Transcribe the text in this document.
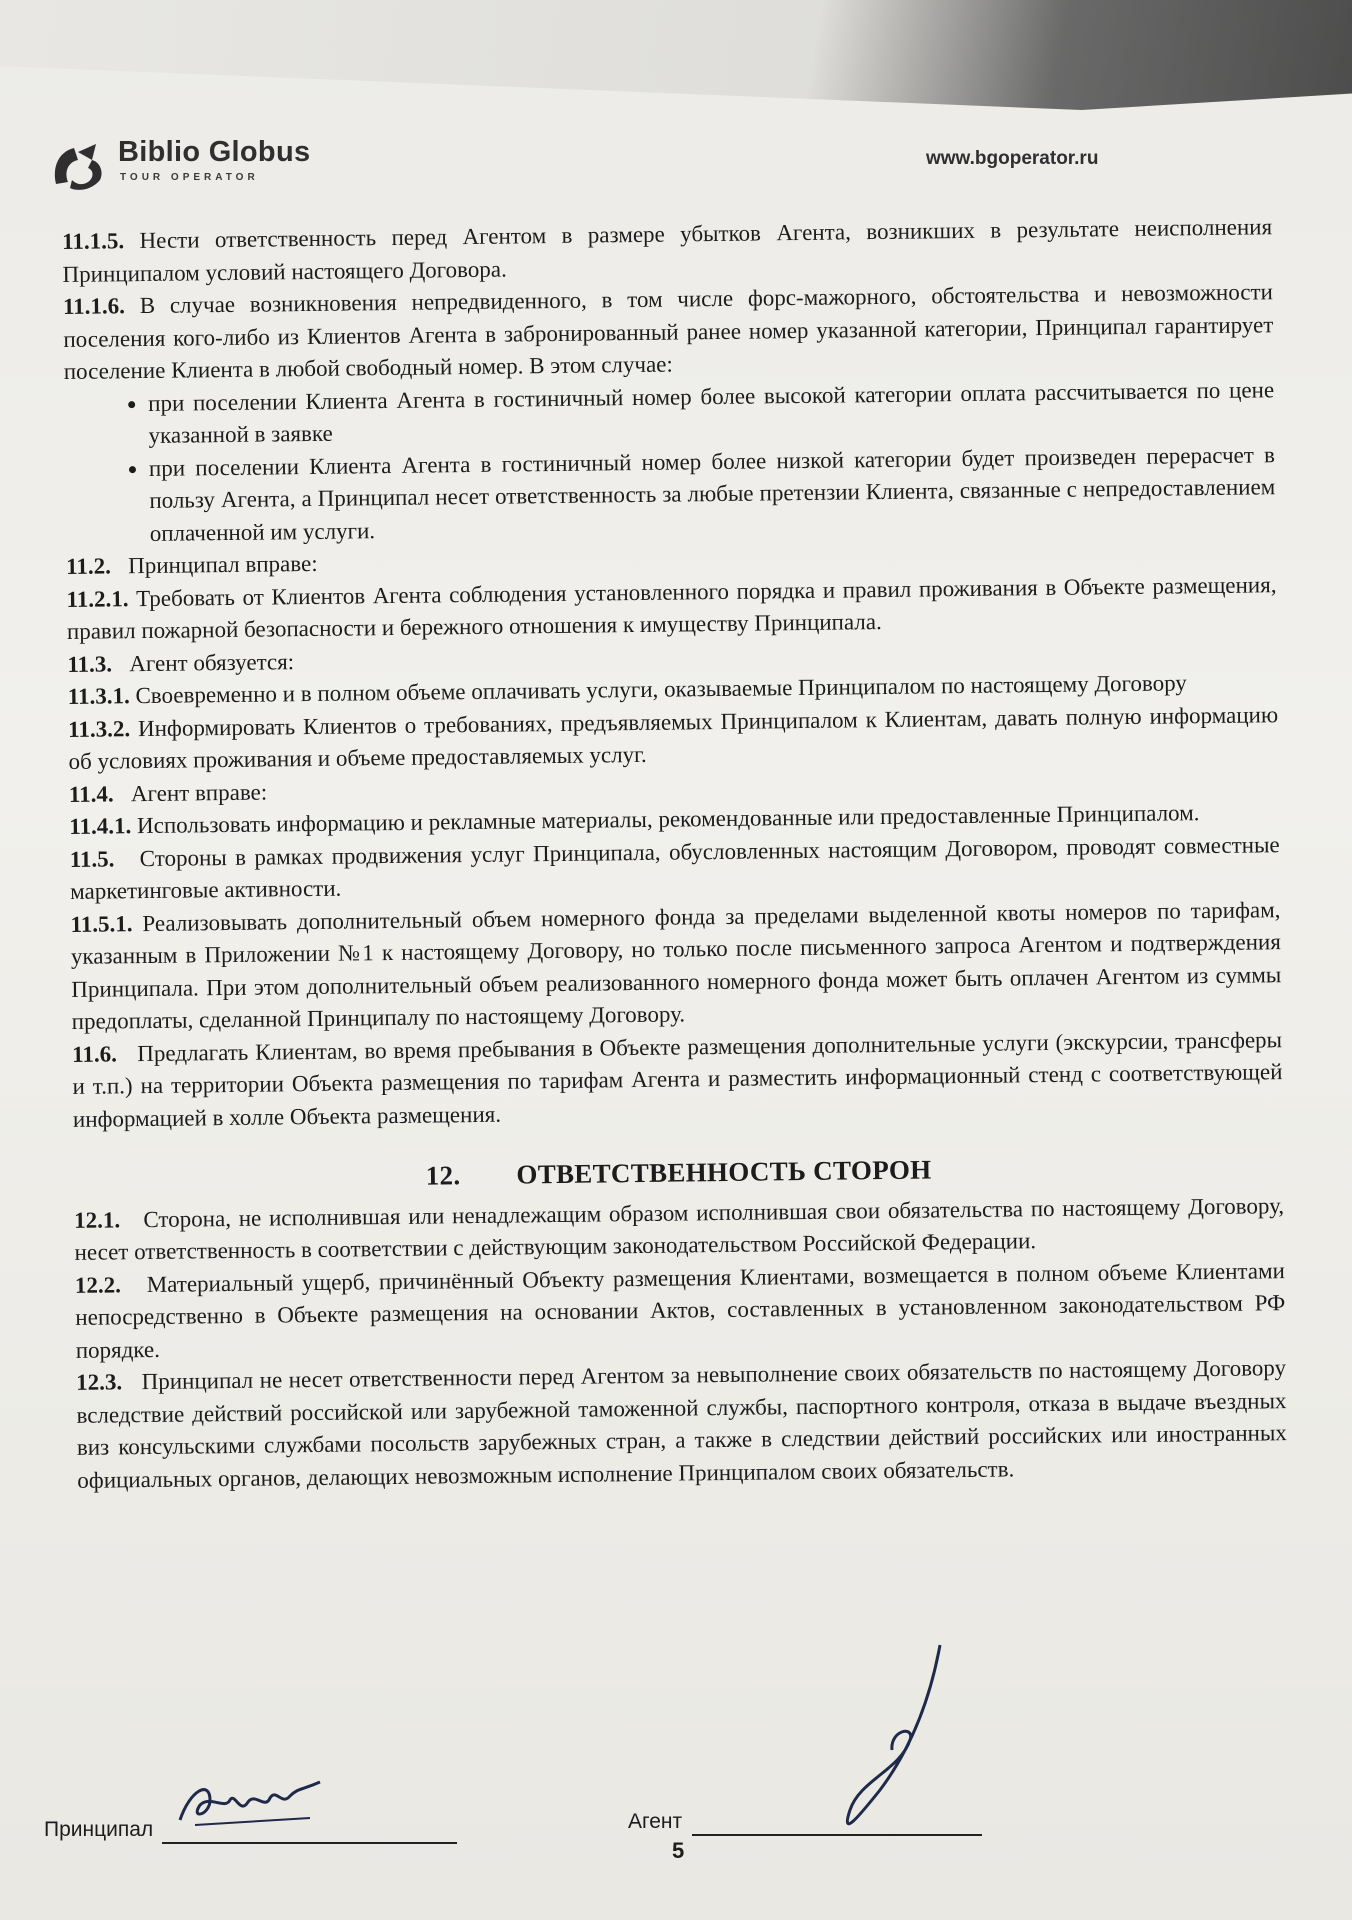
Biblio Globus
TOUR OPERATOR
www.bgoperator.ru

11.1.5. Нести ответственность перед Агентом в размере убытков Агента, возникших в результате неисполнения Принципалом условий настоящего Договора.

11.1.6. В случае возникновения непредвиденного, в том числе форс-мажорного, обстоятельства и невозможности поселения кого-либо из Клиентов Агента в забронированный ранее номер указанной категории, Принципал гарантирует поселение Клиента в любой свободный номер. В этом случае:

• при поселении Клиента Агента в гостиничный номер более высокой категории оплата рассчитывается по цене указанной в заявке
• при поселении Клиента Агента в гостиничный номер более низкой категории будет произведен перерасчет в пользу Агента, а Принципал несет ответственность за любые претензии Клиента, связанные с непредоставлением оплаченной им услуги.

11.2. Принципал вправе:

11.2.1. Требовать от Клиентов Агента соблюдения установленного порядка и правил проживания в Объекте размещения, правил пожарной безопасности и бережного отношения к имуществу Принципала.

11.3. Агент обязуется:

11.3.1. Своевременно и в полном объеме оплачивать услуги, оказываемые Принципалом по настоящему Договору

11.3.2. Информировать Клиентов о требованиях, предъявляемых Принципалом к Клиентам, давать полную информацию об условиях проживания и объеме предоставляемых услуг.

11.4. Агент вправе:

11.4.1. Использовать информацию и рекламные материалы, рекомендованные или предоставленные Принципалом.

11.5. Стороны в рамках продвижения услуг Принципала, обусловленных настоящим Договором, проводят совместные маркетинговые активности.

11.5.1. Реализовывать дополнительный объем номерного фонда за пределами выделенной квоты номеров по тарифам, указанным в Приложении №1 к настоящему Договору, но только после письменного запроса Агентом и подтверждения Принципала. При этом дополнительный объем реализованного номерного фонда может быть оплачен Агентом из суммы предоплаты, сделанной Принципалу по настоящему Договору.

11.6. Предлагать Клиентам, во время пребывания в Объекте размещения дополнительные услуги (экскурсии, трансферы и т.п.) на территории Объекта размещения по тарифам Агента и разместить информационный стенд с соответствующей информацией в холле Объекта размещения.

12. ОТВЕТСТВЕННОСТЬ СТОРОН

12.1. Сторона, не исполнившая или ненадлежащим образом исполнившая свои обязательства по настоящему Договору, несет ответственность в соответствии с действующим законодательством Российской Федерации.

12.2. Материальный ущерб, причинённый Объекту размещения Клиентами, возмещается в полном объеме Клиентами непосредственно в Объекте размещения на основании Актов, составленных в установленном законодательством РФ порядке.

12.3. Принципал не несет ответственности перед Агентом за невыполнение своих обязательств по настоящему Договору вследствие действий российской или зарубежной таможенной службы, паспортного контроля, отказа в выдаче въездных виз консульскими службами посольств зарубежных стран, а также в следствии действий российских или иностранных официальных органов, делающих невозможным исполнение Принципалом своих обязательств.

Принципал	Агент
5
